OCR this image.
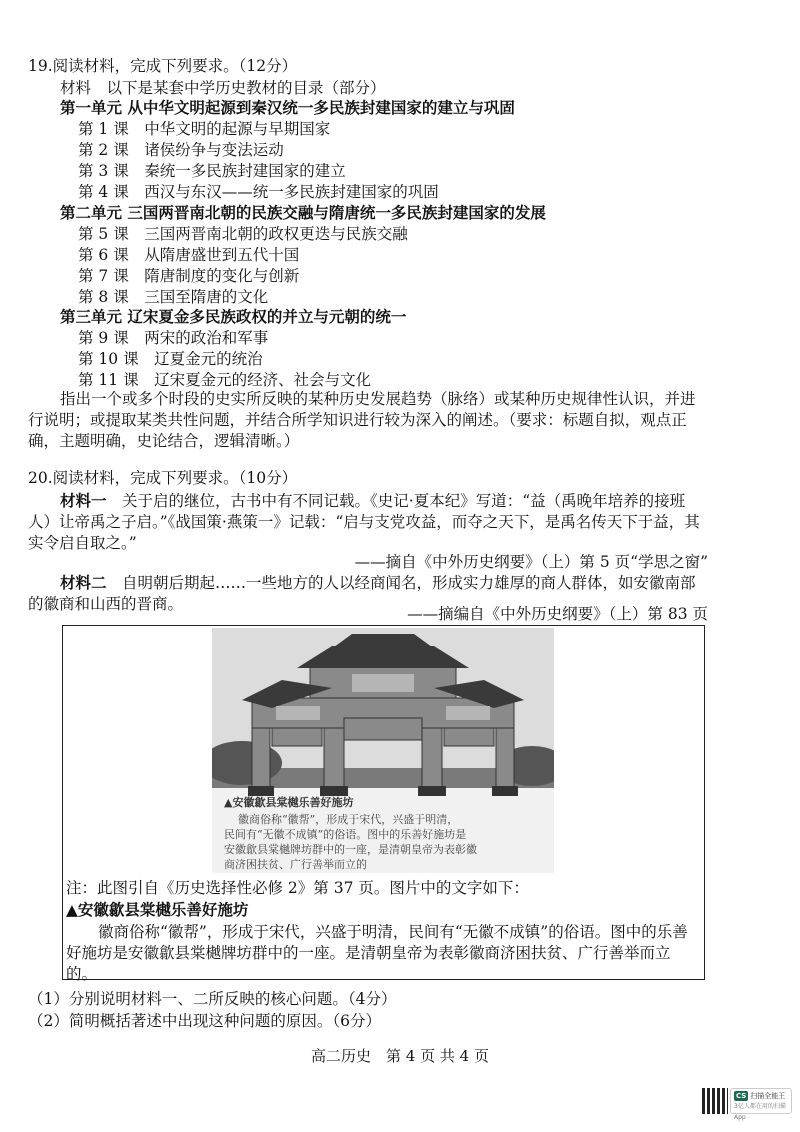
19.阅读材料，完成下列要求。（12分）
材料　以下是某套中学历史教材的目录（部分）
第一单元 从中华文明起源到秦汉统一多民族封建国家的建立与巩固
第 1 课　中华文明的起源与早期国家
第 2 课　诸侯纷争与变法运动
第 3 课　秦统一多民族封建国家的建立
第 4 课　西汉与东汉——统一多民族封建国家的巩固
第二单元 三国两晋南北朝的民族交融与隋唐统一多民族封建国家的发展
第 5 课　三国两晋南北朝的政权更迭与民族交融
第 6 课　从隋唐盛世到五代十国
第 7 课　隋唐制度的变化与创新
第 8 课　三国至隋唐的文化
第三单元 辽宋夏金多民族政权的并立与元朝的统一
第 9 课　两宋的政治和军事
第 10 课　辽夏金元的统治
第 11 课　辽宋夏金元的经济、社会与文化
指出一个或多个时段的史实所反映的某种历史发展趋势（脉络）或某种历史规律性认识，并进行说明；或提取某类共性问题，并结合所学知识进行较为深入的阐述。（要求：标题自拟，观点正确，主题明确，史论结合，逻辑清晰。）
20.阅读材料，完成下列要求。（10分）
材料一　 关于启的继位，古书中有不同记载。《史记·夏本纪》写道：“益（禹晚年培养的接班人）让帝禹之子启。”《战国策·燕策一》记载：“启与支党攻益，而夺之天下，是禹名传天下于益，其实令启自取之。”
——摘自《中外历史纲要》（上）第 5 页“学思之窗”
材料二　 自明朝后期起……一些地方的人以经商闻名，形成实力雄厚的商人群体，如安徽南部的徽商和山西的晋商。
——摘编自《中外历史纲要》（上）第 83 页
▲安徽歙县棠樾乐善好施坊
徽商俗称“徽帮”，形成于宋代，兴盛于明清，
民间有“无徽不成镇”的俗语。图中的乐善好施坊是
安徽歙县棠樾牌坊群中的一座，是清朝皇帝为表彰徽
商济困扶贫、广行善举而立的
注：此图引自《历史选择性必修 2》第 37 页。图片中的文字如下：
▲安徽歙县棠樾乐善好施坊
徽商俗称“徽帮”，形成于宋代，兴盛于明清，民间有“无徽不成镇”的俗语。图中的乐善好施坊是安徽歙县棠樾牌坊群中的一座。是清朝皇帝为表彰徽商济困扶贫、广行善举而立的。
（1）分别说明材料一、二所反映的核心问题。（4分）
（2）简明概括著述中出现这种问题的原因。（6分）
高二历史　第 4 页 共 4 页
CS 扫描全能王
3亿人都在用的扫描App
